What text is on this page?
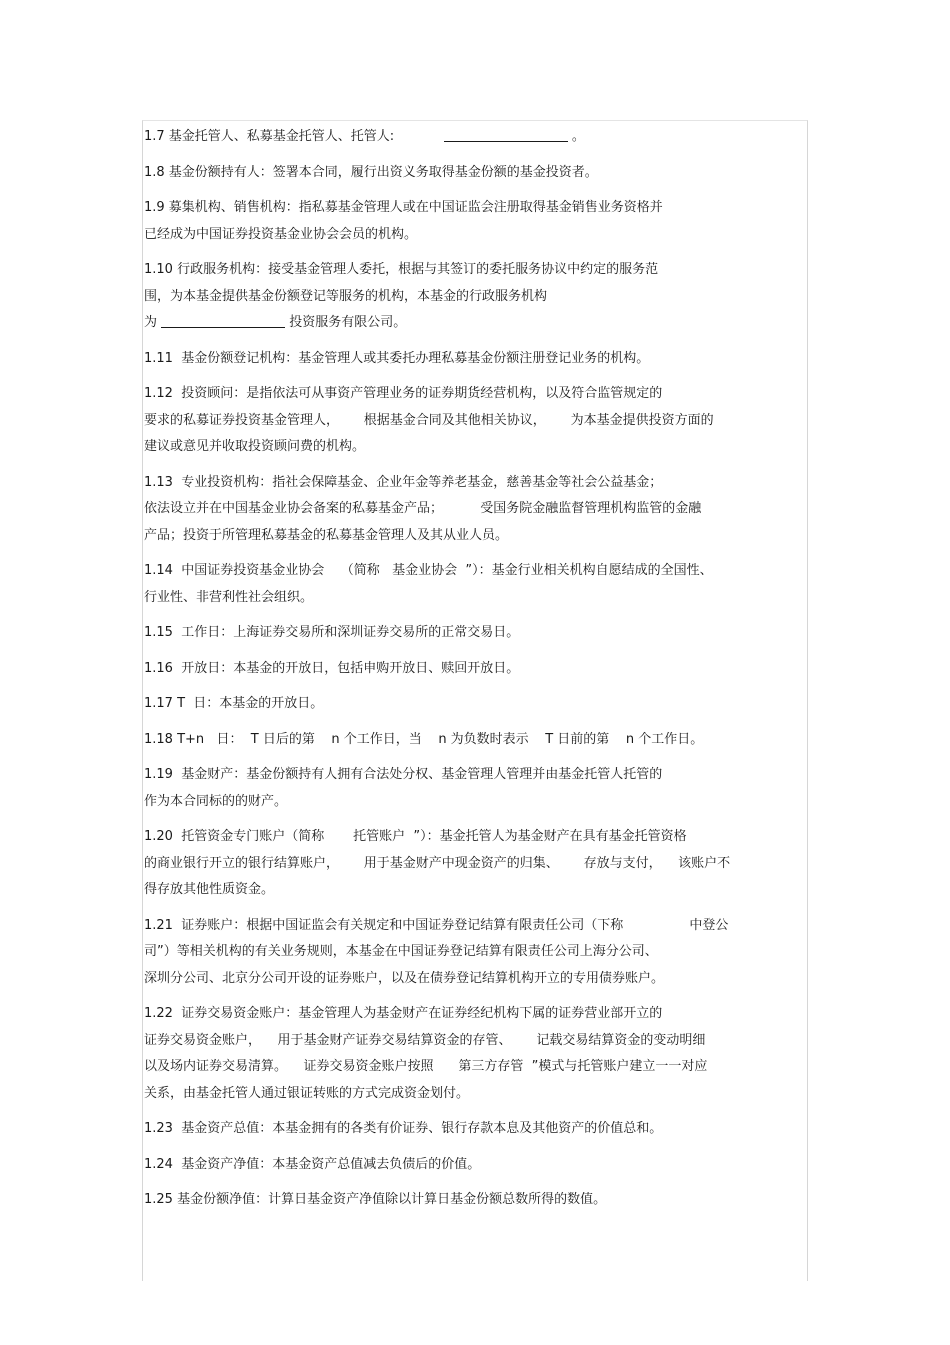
1.7 基金托管人、私募基金托管人、托管人:	。

1.8 基金份额持有人：签署本合同，履行出资义务取得基金份额的基金投资者。

1.9 募集机构、销售机构：指私募基金管理人或在中国证监会注册取得基金销售业务资格并
已经成为中国证券投资基金业协会会员的机构。

1.10 行政服务机构：接受基金管理人委托，根据与其签订的委托服务协议中约定的服务范
围，为本基金提供基金份额登记等服务的机构，本基金的行政服务机构
为	投资服务有限公司。

1.11  基金份额登记机构：基金管理人或其委托办理私募基金份额注册登记业务的机构。

1.12  投资顾问：是指依法可从事资产管理业务的证券期货经营机构，以及符合监管规定的
要求的私募证券投资基金管理人，      根据基金合同及其他相关协议，      为本基金提供投资方面的
建议或意见并收取投资顾问费的机构。

1.13  专业投资机构：指社会保障基金、企业年金等养老基金，慈善基金等社会公益基金；
依法设立并在中国基金业协会备案的私募基金产品；         受国务院金融监督管理机构监管的金融
产品；投资于所管理私募基金的私募基金管理人及其从业人员。

1.14  中国证券投资基金业协会    （简称   基金业协会  ”）：基金行业相关机构自愿结成的全国性、
行业性、非营利性社会组织。

1.15  工作日：上海证券交易所和深圳证券交易所的正常交易日。

1.16  开放日：本基金的开放日，包括申购开放日、赎回开放日。

1.17 T  日：本基金的开放日。

1.18 T+n   日：  T 日后的第    n 个工作日，当    n 为负数时表示    T 日前的第    n 个工作日。

1.19  基金财产：基金份额持有人拥有合法处分权、基金管理人管理并由基金托管人托管的
作为本合同标的的财产。

1.20  托管资金专门账户（简称       托管账户  ”）：基金托管人为基金财产在具有基金托管资格
的商业银行开立的银行结算账户，      用于基金财产中现金资产的归集、      存放与支付，    该账户不
得存放其他性质资金。

1.21  证券账户：根据中国证监会有关规定和中国证券登记结算有限责任公司（下称                中登公
司”）等相关机构的有关业务规则，本基金在中国证券登记结算有限责任公司上海分公司、
深圳分公司、北京分公司开设的证券账户，以及在债券登记结算机构开立的专用债券账户。

1.22  证券交易资金账户：基金管理人为基金财产在证券经纪机构下属的证券营业部开立的
证券交易资金账户，    用于基金财产证券交易结算资金的存管、      记载交易结算资金的变动明细
以及场内证券交易清算。    证券交易资金账户按照      第三方存管  ”模式与托管账户建立一一对应
关系，由基金托管人通过银证转账的方式完成资金划付。

1.23  基金资产总值：本基金拥有的各类有价证券、银行存款本息及其他资产的价值总和。

1.24  基金资产净值：本基金资产总值减去负债后的价值。

1.25 基金份额净值：计算日基金资产净值除以计算日基金份额总数所得的数值。
